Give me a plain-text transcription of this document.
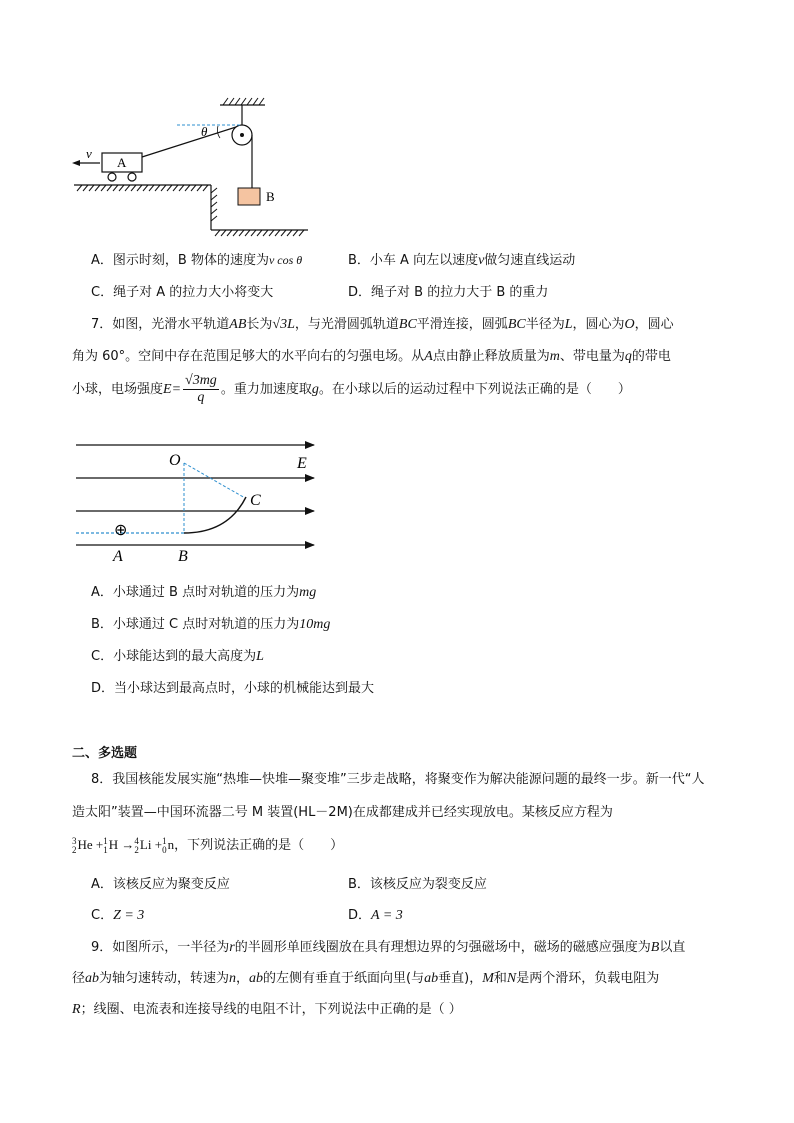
B
θ
A
v
A．图示时刻，B 物体的速度为v cos θ	B．小车 A 向左以速度v做匀速直线运动
C．绳子对 A 的拉力大小将变大	D．绳子对 B 的拉力大于 B 的重力
7．如图，光滑水平轨道AB长为√3L，与光滑圆弧轨道BC平滑连接，圆弧BC半径为L，圆心为O，圆心
角为 60°。空间中存在范围足够大的水平向右的匀强电场。从A点由静止释放质量为m、带电量为q的带电
小球，电场强度$E= \frac{√3mg}{q}$ 。重力加速度取g。在小球以后的运动过程中下列说法正确的是（　　）
O	E
C
A	B
⊕
A．小球通过 B 点时对轨道的压力为mg
B．小球通过 C 点时对轨道的压力为10mg
C．小球能达到的最大高度为L
D．当小球达到最高点时，小球的机械能达到最大
二、多选题
8．我国核能发展实施“热堆—快堆—聚变堆”三步走战略，将聚变作为解决能源问题的最终一步。新一代“人
造太阳”装置—中国环流器二号 M 装置(HL－2M)在成都建成并已经实现放电。某核反应方程为
3
2He +1
1H →4
2Li +1
0n，下列说法正确的是（　　）
A．该核反应为聚变反应	B．该核反应为裂变反应
C．Z = 3	D．A = 3
9．如图所示，一半径为r的半圆形单匝线圈放在具有理想边界的匀强磁场中，磁场的磁感应强度为B以直
径ab为轴匀速转动，转速为n，ab的左侧有垂直于纸面向里(与ab垂直)，M和N是两个滑环，负载电阻为
R；线圈、电流表和连接导线的电阻不计，下列说法中正确的是（ ）
